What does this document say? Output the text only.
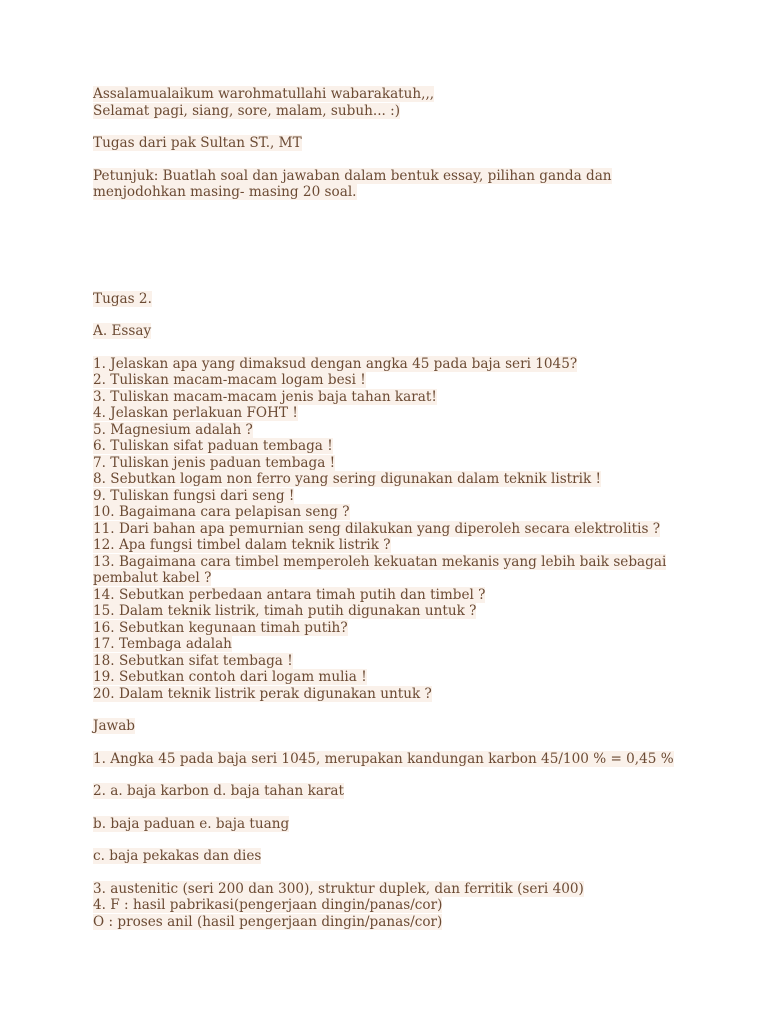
Assalamualaikum warohmatullahi wabarakatuh,,,
Selamat pagi, siang, sore, malam, subuh... :)
Tugas dari pak Sultan ST., MT
Petunjuk: Buatlah soal dan jawaban dalam bentuk essay, pilihan ganda dan
menjodohkan masing- masing 20 soal.
Tugas 2.
A. Essay
1. Jelaskan apa yang dimaksud dengan angka 45 pada baja seri 1045?
2. Tuliskan macam-macam logam besi !
3. Tuliskan macam-macam jenis baja tahan karat!
4. Jelaskan perlakuan FOHT !
5. Magnesium adalah ?
6. Tuliskan sifat paduan tembaga !
7. Tuliskan jenis paduan tembaga !
8. Sebutkan logam non ferro yang sering digunakan dalam teknik listrik !
9. Tuliskan fungsi dari seng !
10. Bagaimana cara pelapisan seng ?
11. Dari bahan apa pemurnian seng dilakukan yang diperoleh secara elektrolitis ?
12. Apa fungsi timbel dalam teknik listrik ?
13. Bagaimana cara timbel memperoleh kekuatan mekanis yang lebih baik sebagai
pembalut kabel ?
14. Sebutkan perbedaan antara timah putih dan timbel ?
15. Dalam teknik listrik, timah putih digunakan untuk ?
16. Sebutkan kegunaan timah putih?
17. Tembaga adalah
18. Sebutkan sifat tembaga !
19. Sebutkan contoh dari logam mulia !
20. Dalam teknik listrik perak digunakan untuk ?
Jawab
1. Angka 45 pada baja seri 1045, merupakan kandungan karbon 45/100 % = 0,45 %
2. a. baja karbon d. baja tahan karat
b. baja paduan e. baja tuang
c. baja pekakas dan dies
3. austenitic (seri 200 dan 300), struktur duplek, dan ferritik (seri 400)
4. F : hasil pabrikasi(pengerjaan dingin/panas/cor)
O : proses anil (hasil pengerjaan dingin/panas/cor)
